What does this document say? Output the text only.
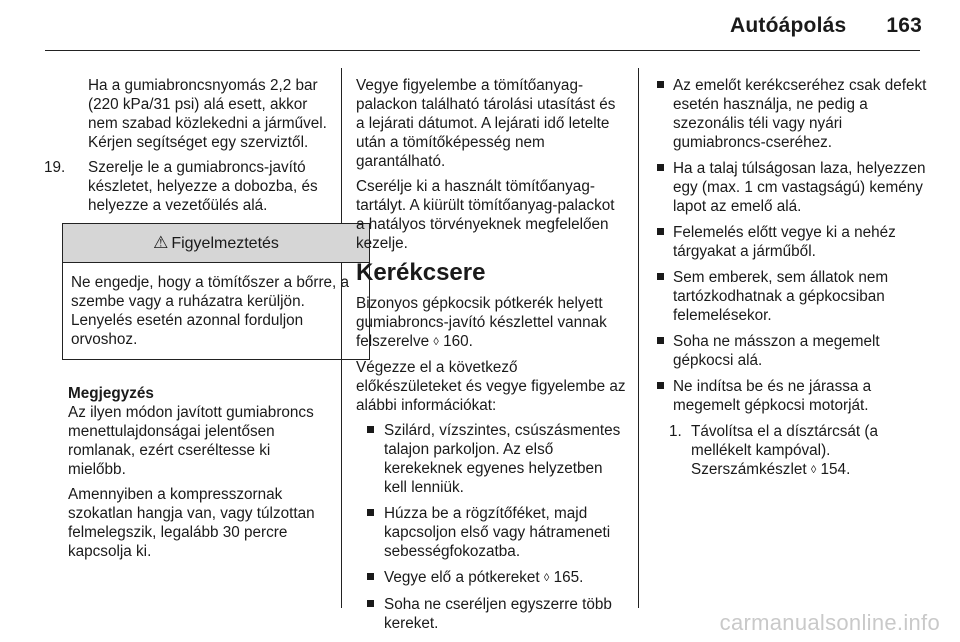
Autóápolás 163

Ha a gumiabroncsnyomás 2,2 bar (220 kPa/31 psi) alá esett, akkor nem szabad közlekedni a járművel. Kérjen segítséget egy szerviztől.

19. Szerelje le a gumiabroncs-javító készletet, helyezze a dobozba, és helyezze a vezetőülés alá.
⚠ Figyelmeztetés
Ne engedje, hogy a tömítőszer a bőrre, a szembe vagy a ruházatra kerüljön. Lenyelés esetén azonnal forduljon orvoshoz.
Megjegyzés

Az ilyen módon javított gumiabroncs menettulajdonságai jelentősen romlanak, ezért cseréltesse ki mielőbb.

Amennyiben a kompresszornak szokatlan hangja van, vagy túlzottan felmelegszik, legalább 30 percre kapcsolja ki.

Vegye figyelembe a tömítőanyag-palackon található tárolási utasítást és a lejárati dátumot. A lejárati idő letelte után a tömítőképesség nem garantálható.

Cserélje ki a használt tömítőanyag-tartályt. A kiürült tömítőanyag-palackot a hatályos törvényeknek megfelelően kezelje.

Kerékcsere

Bizonyos gépkocsik pótkerék helyett gumiabroncs-javító készlettel vannak felszerelve ◊ 160.

Végezze el a következő előkészületeket és vegye figyelembe az alábbi információkat:

Szilárd, vízszintes, csúszásmentes talajon parkoljon. Az első kerekeknek egyenes helyzetben kell lenniük.
Húzza be a rögzítőféket, majd kapcsoljon első vagy hátrameneti sebességfokozatba.
Vegye elő a pótkereket ◊ 165.
Soha ne cseréljen egyszerre több kereket.
Az emelőt kerékcseréhez csak defekt esetén használja, ne pedig a szezonális téli vagy nyári gumiabroncs-cseréhez.
Ha a talaj túlságosan laza, helyezzen egy (max. 1 cm vastagságú) kemény lapot az emelő alá.
Felemelés előtt vegye ki a nehéz tárgyakat a járműből.
Sem emberek, sem állatok nem tartózkodhatnak a gépkocsiban felemelésekor.
Soha ne másszon a megemelt gépkocsi alá.
Ne indítsa be és ne járassa a megemelt gépkocsi motorját.
1. Távolítsa el a dísztárcsát (a mellékelt kampóval). Szerszámkészlet ◊ 154.
carmanualsonline.info
